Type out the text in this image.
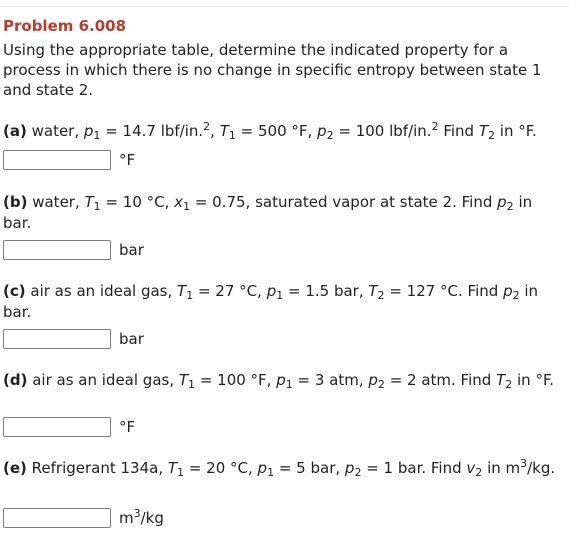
Problem 6.008
Using the appropriate table, determine the indicated property for a process in which there is no change in specific entropy between state 1 and state 2.
(a) water, $p_1 = 14.7$ lbf/in.$^2$, $T_1 = 500$ °F, $p_2 = 100$ lbf/in.$^2$ Find $T_2$ in °F.
°F
(b) water, $T_1 = 10$ °C, $x_1 = 0.75$, saturated vapor at state 2. Find $p_2$ in bar.
bar
(c) air as an ideal gas, $T_1 = 27$ °C, $p_1 = 1.5$ bar, $T_2 = 127$ °C. Find $p_2$ in bar.
bar
(d) air as an ideal gas, $T_1 = 100$ °F, $p_1 = 3$ atm, $p_2 = 2$ atm. Find $T_2$ in °F.
°F
(e) Refrigerant 134a, $T_1 = 20$ °C, $p_1 = 5$ bar, $p_2 = 1$ bar. Find $v_2$ in $m^3/kg$.
$m^3/kg$
